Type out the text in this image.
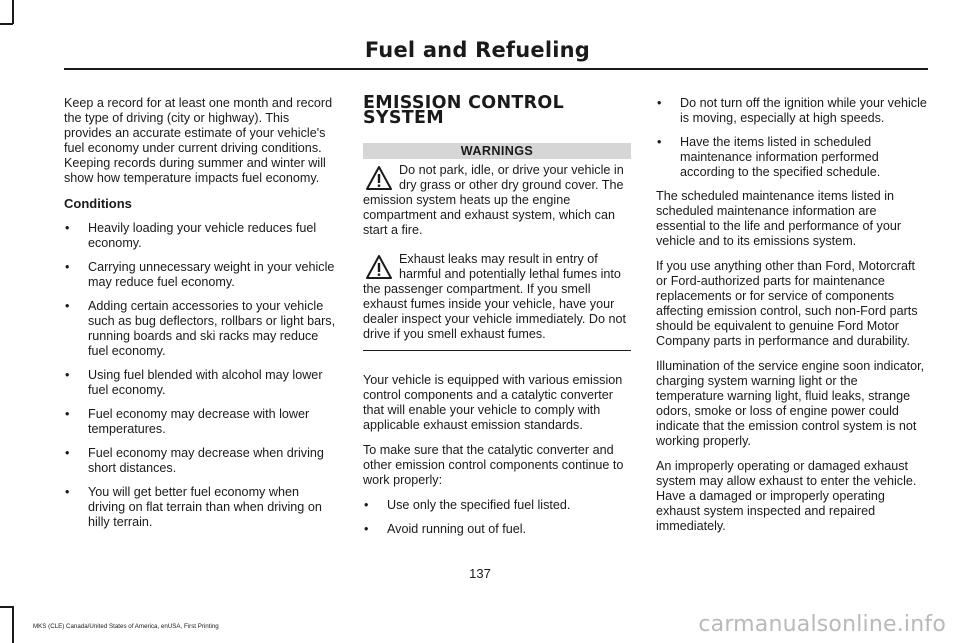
Fuel and Refueling

Keep a record for at least one month and record the type of driving (city or highway). This provides an accurate estimate of your vehicle's fuel economy under current driving conditions. Keeping records during summer and winter will show how temperature impacts fuel economy.

Conditions
• Heavily loading your vehicle reduces fuel economy.
• Carrying unnecessary weight in your vehicle may reduce fuel economy.
• Adding certain accessories to your vehicle such as bug deflectors, rollbars or light bars, running boards and ski racks may reduce fuel economy.
• Using fuel blended with alcohol may lower fuel economy.
• Fuel economy may decrease with lower temperatures.
• Fuel economy may decrease when driving short distances.
• You will get better fuel economy when driving on flat terrain than when driving on hilly terrain.
EMISSION CONTROL SYSTEM
WARNINGS

Do not park, idle, or drive your vehicle in dry grass or other dry ground cover. The emission system heats up the engine compartment and exhaust system, which can start a fire.

Exhaust leaks may result in entry of harmful and potentially lethal fumes into the passenger compartment. If you smell exhaust fumes inside your vehicle, have your dealer inspect your vehicle immediately. Do not drive if you smell exhaust fumes.

Your vehicle is equipped with various emission control components and a catalytic converter that will enable your vehicle to comply with applicable exhaust emission standards.

To make sure that the catalytic converter and other emission control components continue to work properly:

• Use only the specified fuel listed.
• Avoid running out of fuel.
• Do not turn off the ignition while your vehicle is moving, especially at high speeds.
• Have the items listed in scheduled maintenance information performed according to the specified schedule.

The scheduled maintenance items listed in scheduled maintenance information are essential to the life and performance of your vehicle and to its emissions system.

If you use anything other than Ford, Motorcraft or Ford-authorized parts for maintenance replacements or for service of components affecting emission control, such non-Ford parts should be equivalent to genuine Ford Motor Company parts in performance and durability.

Illumination of the service engine soon indicator, charging system warning light or the temperature warning light, fluid leaks, strange odors, smoke or loss of engine power could indicate that the emission control system is not working properly.

An improperly operating or damaged exhaust system may allow exhaust to enter the vehicle. Have a damaged or improperly operating exhaust system inspected and repaired immediately.

137
MKS (CLE) Canada/United States of America, enUSA, First Printing	carmanualsonline.info
